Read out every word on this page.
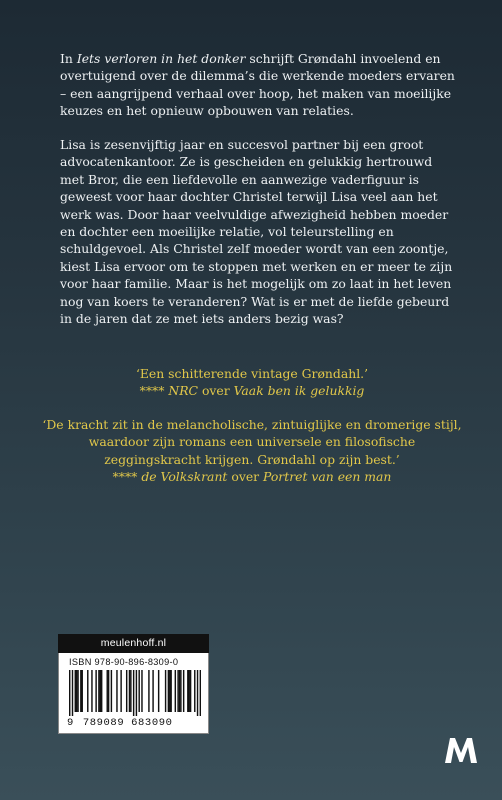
In Iets verloren in het donker schrijft Grøndahl invoelend en overtuigend over de dilemma’s die werkende moeders ervaren – een aangrijpend verhaal over hoop, het maken van moeilijke keuzes en het opnieuw opbouwen van relaties.

Lisa is zesenvijftig jaar en succesvol partner bij een groot advocatenkantoor. Ze is gescheiden en gelukkig hertrouwd met Bror, die een liefdevolle en aanwezige vaderfiguur is geweest voor haar dochter Christel terwijl Lisa veel aan het werk was. Door haar veelvuldige afwezigheid hebben moeder en dochter een moeilijke relatie, vol teleurstelling en schuldgevoel. Als Christel zelf moeder wordt van een zoontje, kiest Lisa ervoor om te stoppen met werken en er meer te zijn voor haar familie. Maar is het mogelijk om zo laat in het leven nog van koers te veranderen? Wat is er met de liefde gebeurd in de jaren dat ze met iets anders bezig was?

‘Een schitterende vintage Grøndahl.’

**** NRC over Vaak ben ik gelukkig

‘De kracht zit in de melancholische, zintuiglijke en dromerige stijl, waardoor zijn romans een universele en filosofische zeggingskracht krijgen. Grøndahl op zijn best.’

**** de Volkskrant over Portret van een man

meulenhoff.nl
ISBN 978-90-896-8309-0
9 789089 683090
